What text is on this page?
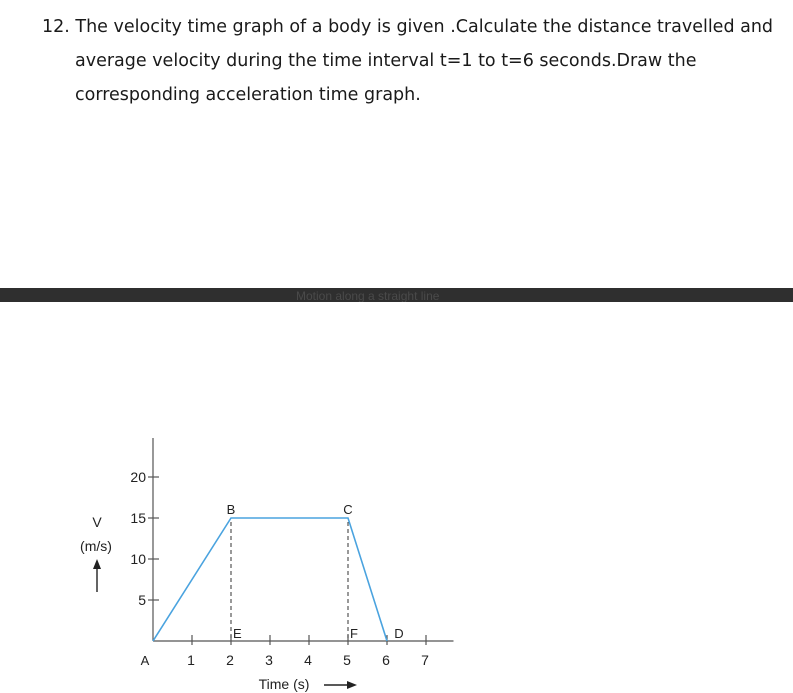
12. The velocity time graph of a body is given .Calculate the distance travelled and
average velocity during the time interval t=1 to t=6 seconds.Draw the
corresponding acceleration time graph.
Motion along a straight line
5
10
15
20
1 2 3 4 5 6 7
A
B	C
D
E	F
V
(m/s)
Time (s)
